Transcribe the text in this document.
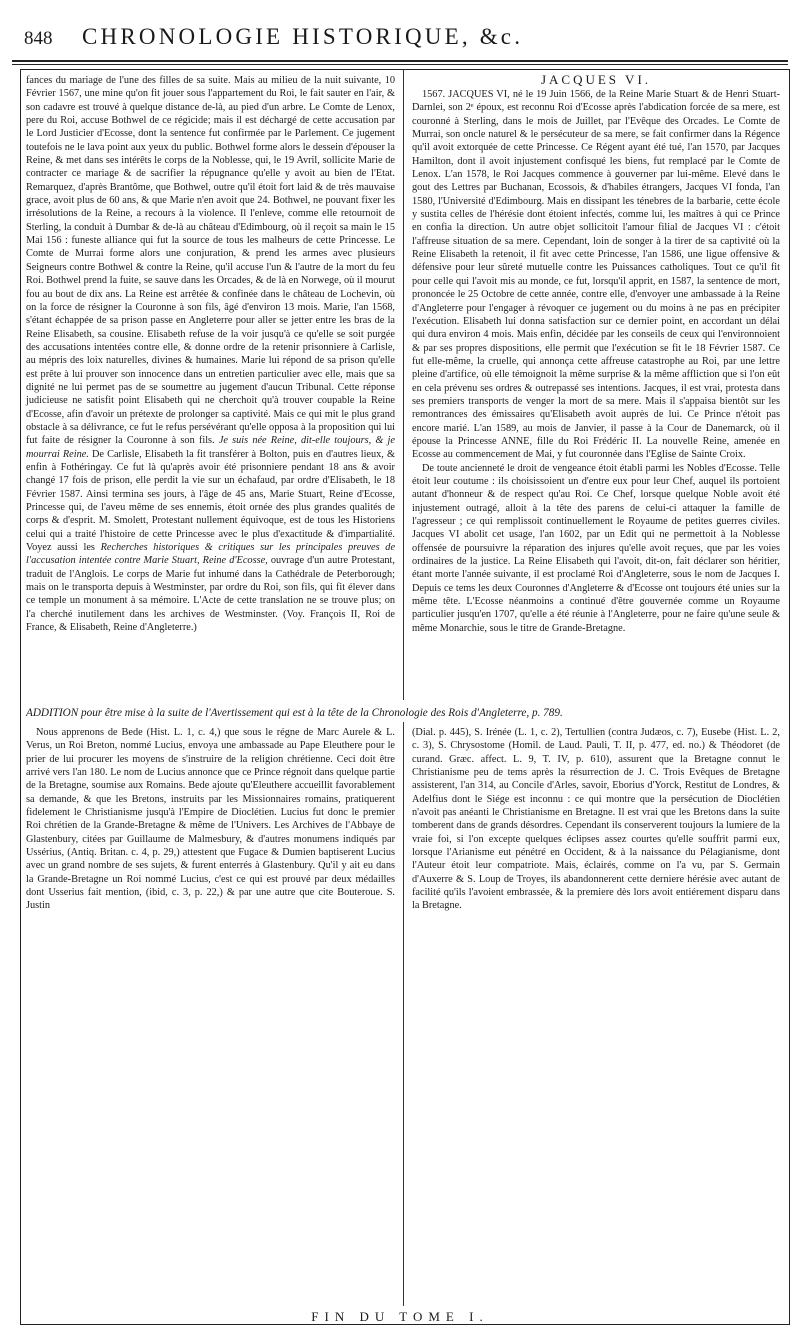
848 CHRONOLOGIE HISTORIQUE, &c.

fances du mariage de l'une des filles de sa suite. Mais au milieu de la nuit suivante, 10 Février 1567, une mine qu'on fit jouer sous l'appartement du Roi, le fait sauter en l'air, & son cadavre est trouvé à quelque distance de-là, au pied d'un arbre. Le Comte de Lenox, pere du Roi, accuse Bothwel de ce régicide; mais il est déchargé de cette accusation par le Lord Justicier d'Ecosse, dont la sentence fut confirmée par le Parlement. Ce jugement toutefois ne le lava point aux yeux du public. Bothwel forme alors le dessein d'épouser la Reine, & met dans ses intérêts le corps de la Noblesse, qui, le 19 Avril, sollicite Marie de contracter ce mariage & de sacrifier la répugnance qu'elle y avoit au bien de l'Etat. Remarquez, d'après Brantôme, que Bothwel, outre qu'il étoit fort laid & de très mauvaise grace, avoit plus de 60 ans, & que Marie n'en avoit que 24. Bothwel, ne pouvant fixer les irrésolutions de la Reine, a recours à la violence. Il l'enleve, comme elle retournoit de Sterling, la conduit à Dumbar & de-là au château d'Edimbourg, où il reçoit sa main le 15 Mai 156 : funeste alliance qui fut la source de tous les malheurs de cette Princesse. Le Comte de Murrai forme alors une conjuration, & prend les armes avec plusieurs Seigneurs contre Bothwel & contre la Reine, qu'il accuse l'un & l'autre de la mort du feu Roi. Bothwel prend la fuite, se sauve dans les Orcades, & de là en Norwege, où il mourut fou au bout de dix ans. La Reine est arrêtée & confinée dans le château de Lochevin, où on la force de résigner la Couronne à son fils, âgé d'environ 13 mois. Marie, l'an 1568, s'étant échappée de sa prison passe en Angleterre pour aller se jetter entre les bras de la Reine Elisabeth, sa cousine. Elisabeth refuse de la voir jusqu'à ce qu'elle se soit purgée des accusations intentées contre elle, & donne ordre de la retenir prisonniere à Carlisle, au mépris des loix naturelles, divines & humaines. Marie lui répond de sa prison qu'elle est prête à lui prouver son innocence dans un entretien particulier avec elle, mais que sa dignité ne lui permet pas de se soumettre au jugement d'aucun Tribunal. Cette réponse judicieuse ne satisfit point Elisabeth qui ne cherchoit qu'à trouver coupable la Reine d'Ecosse, afin d'avoir un prétexte de prolonger sa captivité. Mais ce qui mit le plus grand obstacle à sa délivrance, ce fut le refus persévérant qu'elle opposa à la proposition qui lui fut faite de résigner la Couronne à son fils. Je suis née Reine, dit-elle toujours, & je mourrai Reine. De Carlisle, Elisabeth la fit transférer à Bolton, puis en d'autres lieux, & enfin à Fothéringay. Ce fut là qu'après avoir été prisonniere pendant 18 ans & avoir changé 17 fois de prison, elle perdit la vie sur un échafaud, par ordre d'Elisabeth, le 18 Février 1587. Ainsi termina ses jours, à l'âge de 45 ans, Marie Stuart, Reine d'Ecosse, Princesse qui, de l'aveu même de ses ennemis, étoit ornée des plus grandes qualités de corps & d'esprit. M. Smolett, Protestant nullement équivoque, est de tous les Historiens celui qui a traité l'histoire de cette Princesse avec le plus d'exactitude & d'impartialité. Voyez aussi les Recherches historiques & critiques sur les principales preuves de l'accusation intentée contre Marie Stuart, Reine d'Ecosse, ouvrage d'un autre Protestant, traduit de l'Anglois. Le corps de Marie fut inhumé dans la Cathédrale de Peterborough; mais on le transporta depuis à Westminster, par ordre du Roi, son fils, qui fit élever dans ce temple un monument à sa mémoire. L'Acte de cette translation ne se trouve plus; on l'a cherché inutilement dans les archives de Westminster. (Voy. François II, Roi de France, & Elisabeth, Reine d'Angleterre.)

JACQUES VI.

1567. JACQUES VI, né le 19 Juin 1566, de la Reine Marie Stuart & de Henri Stuart-Darnlei, son 2ᵉ époux, est reconnu Roi d'Ecosse après l'abdication forcée de sa mere, est couronné à Sterling, dans le mois de Juillet, par l'Evêque des Orcades. Le Comte de Murrai, son oncle naturel & le persécuteur de sa mere, se fait confirmer dans la Régence qu'il avoit extorquée de cette Princesse. Ce Régent ayant été tué, l'an 1570, par Jacques Hamilton, dont il avoit injustement confisqué les biens, fut remplacé par le Comte de Lenox. L'an 1578, le Roi Jacques commence à gouverner par lui-même. Elevé dans le gout des Lettres par Buchanan, Ecossois, & d'habiles étrangers, Jacques VI fonda, l'an 1580, l'Université d'Edimbourg. Mais en dissipant les ténebres de la barbarie, cette école y sustita celles de l'hérésie dont étoient infectés, comme lui, les maîtres à qui ce Prince en confia la direction. Un autre objet sollicitoit l'amour filial de Jacques VI : c'étoit l'affreuse situation de sa mere. Cependant, loin de songer à la tirer de sa captivité où la Reine Elisabeth la retenoit, il fit avec cette Princesse, l'an 1586, une ligue offensive & défensive pour leur sûreté mutuelle contre les Puissances catholiques. Tout ce qu'il fit pour celle qui l'avoit mis au monde, ce fut, lorsqu'il apprit, en 1587, la sentence de mort, prononcée le 25 Octobre de cette année, contre elle, d'envoyer une ambassade à la Reine d'Angleterre pour l'engager à révoquer ce jugement ou du moins à ne pas en précipiter l'exécution. Elisabeth lui donna satisfaction sur ce dernier point, en accordant un délai qui dura environ 4 mois. Mais enfin, décidée par les conseils de ceux qui l'environnoient & par ses propres dispositions, elle permit que l'exécution se fit le 18 Février 1587. Ce fut elle-même, la cruelle, qui annonça cette affreuse catastrophe au Roi, par une lettre pleine d'artifice, où elle témoignoit la même surprise & la même affliction que si l'on eût en cela prévenu ses ordres & outrepassé ses intentions. Jacques, il est vrai, protesta dans ses premiers transports de venger la mort de sa mere. Mais il s'appaisa bientôt sur les remontrances des émissaires qu'Elisabeth avoit auprès de lui. Ce Prince n'étoit pas encore marié. L'an 1589, au mois de Janvier, il passe à la Cour de Danemarck, où il épouse la Princesse ANNE, fille du Roi Frédéric II. La nouvelle Reine, amenée en Ecosse au commencement de Mai, y fut couronnée dans l'Eglise de Sainte Croix.

De toute ancienneté le droit de vengeance étoit établi parmi les Nobles d'Ecosse. Telle étoit leur coutume : ils choisissoient un d'entre eux pour leur Chef, auquel ils portoient autant d'honneur & de respect qu'au Roi. Ce Chef, lorsque quelque Noble avoit été injustement outragé, alloit à la tête des parens de celui-ci attaquer la famille de l'agresseur ; ce qui remplissoit continuellement le Royaume de petites guerres civiles. Jacques VI abolit cet usage, l'an 1602, par un Edit qui ne permettoit à la Noblesse offensée de poursuivre la réparation des injures qu'elle avoit reçues, que par les voies ordinaires de la justice. La Reine Elisabeth qui l'avoit, dit-on, fait déclarer son héritier, étant morte l'année suivante, il est proclamé Roi d'Angleterre, sous le nom de Jacques I. Depuis ce tems les deux Couronnes d'Angleterre & d'Ecosse ont toujours été unies sur la même tête. L'Ecosse néanmoins a continué d'être gouvernée comme un Royaume particulier jusqu'en 1707, qu'elle a été réunie à l'Angleterre, pour ne faire qu'une seule & même Monarchie, sous le titre de Grande-Bretagne.

ADDITION pour être mise à la suite de l'Avertissement qui est à la tête de la Chronologie des Rois d'Angleterre, p. 789.

Nous apprenons de Bede (Hist. L. 1, c. 4,) que sous le régne de Marc Aurele & L. Verus, un Roi Breton, nommé Lucius, envoya une ambassade au Pape Eleuthere pour le prier de lui procurer les moyens de s'instruire de la religion chrétienne. Ceci doit être arrivé vers l'an 180. Le nom de Lucius annonce que ce Prince régnoit dans quelque partie de la Bretagne, soumise aux Romains. Bede ajoute qu'Eleuthere accueillit favorablement sa demande, & que les Bretons, instruits par les Missionnaires romains, pratiquerent fidelement le Christianisme jusqu'à l'Empire de Dioclétien. Lucius fut donc le premier Roi chrétien de la Grande-Bretagne & même de l'Univers. Les Archives de l'Abbaye de Glastenbury, citées par Guillaume de Malmesbury, & d'autres monumens indiqués par Ussérius, (Antiq. Britan. c. 4, p. 29,) attestent que Fugace & Dumien baptiserent Lucius avec un grand nombre de ses sujets, & furent enterrés à Glastenbury. Qu'il y ait eu dans la Grande-Bretagne un Roi nommé Lucius, c'est ce qui est prouvé par deux médailles dont Usserius fait mention, (ibid, c. 3, p. 22,) & par une autre que cite Bouteroue. S. Justin

(Dial. p. 445), S. Irénée (L. 1, c. 2), Tertullien (contra Judæos, c. 7), Eusebe (Hist. L. 2, c. 3), S. Chrysostome (Homil. de Laud. Pauli, T. II, p. 477, ed. no.) & Théodoret (de curand. Græc. affect. L. 9, T. IV, p. 610), assurent que la Bretagne connut le Christianisme peu de tems après la résurrection de J. C. Trois Evêques de Bretagne assisterent, l'an 314, au Concile d'Arles, savoir, Eborius d'Yorck, Restitut de Londres, & Adelfius dont le Siége est inconnu : ce qui montre que la persécution de Dioclétien n'avoit pas anéanti le Christianisme en Bretagne. Il est vrai que les Bretons dans la suite tomberent dans de grands désordres. Cependant ils conserverent toujours la lumiere de la vraie foi, si l'on excepte quelques éclipses assez courtes qu'elle souffrit parmi eux, lorsque l'Arianisme eut pénétré en Occident, & à la naissance du Pélagianisme, dont l'Auteur étoit leur compatriote. Mais, éclairés, comme on l'a vu, par S. Germain d'Auxerre & S. Loup de Troyes, ils abandonnerent cette derniere hérésie avec autant de facilité qu'ils l'avoient embrassée, & la premiere dès lors avoit entiérement disparu dans la Bretagne.

FIN DU TOME I.
